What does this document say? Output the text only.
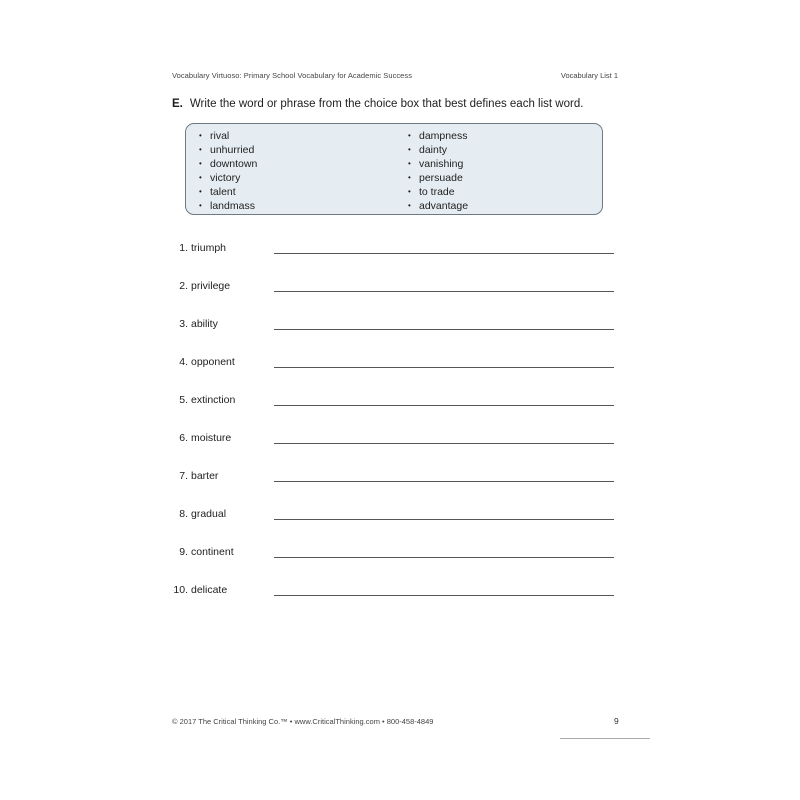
Vocabulary Virtuoso: Primary School Vocabulary for Academic Success	Vocabulary List 1
E. Write the word or phrase from the choice box that best defines each list word.
• rival
• unhurried
• downtown
• victory
• talent
• landmass
• dampness
• dainty
• vanishing
• persuade
• to trade
• advantage
1. triumph
2. privilege
3. ability
4. opponent
5. extinction
6. moisture
7. barter
8. gradual
9. continent
10. delicate
© 2017 The Critical Thinking Co.™ • www.CriticalThinking.com • 800-458-4849	9
